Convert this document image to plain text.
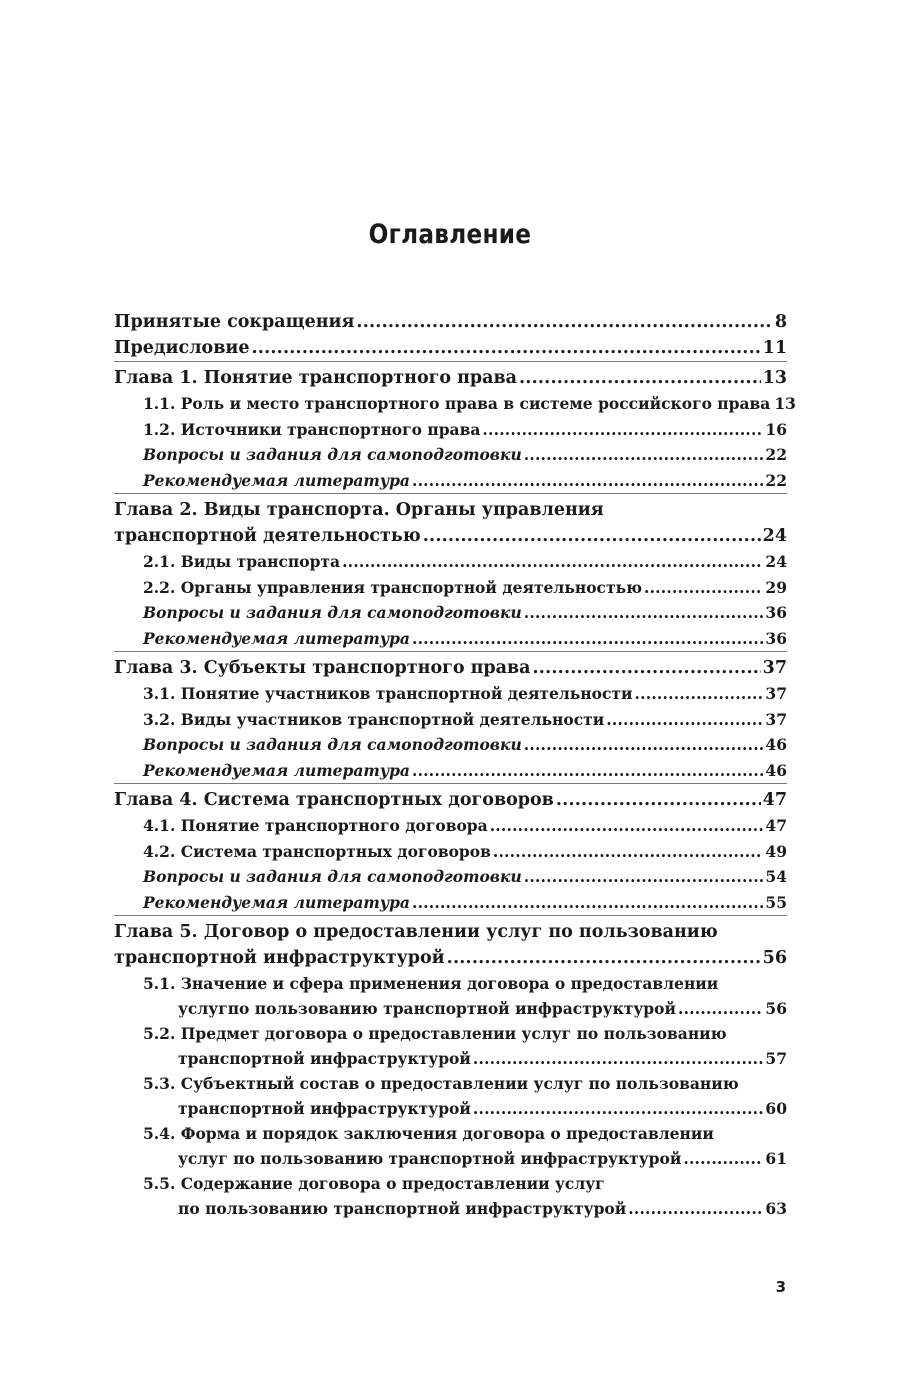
Оглавление
Принятые сокращения .....	8
Предисловие .....	11
Глава 1. Понятие транспортного права .....	13
1.1. Роль и место транспортного права в системе российского права 13
1.2. Источники транспортного права .....	16
Вопросы и задания для самоподготовки .....	22
Рекомендуемая литература .....	22
Глава 2. Виды транспорта. Органы управления
транспортной деятельностью .....	24
2.1. Виды транспорта .....	24
2.2. Органы управления транспортной деятельностью .....	29
Вопросы и задания для самоподготовки .....	36
Рекомендуемая литература .....	36
Глава 3. Субъекты транспортного права .....	37
3.1. Понятие участников транспортной деятельности .....	37
3.2. Виды участников транспортной деятельности .....	37
Вопросы и задания для самоподготовки .....	46
Рекомендуемая литература .....	46
Глава 4. Система транспортных договоров .....	47
4.1. Понятие транспортного договора .....	47
4.2. Система транспортных договоров .....	49
Вопросы и задания для самоподготовки .....	54
Рекомендуемая литература .....	55
Глава 5. Договор о предоставлении услуг по пользованию
транспортной инфраструктурой .....	56
5.1. Значение и сфера применения договора о предоставлении
услугпо пользованию транспортной инфраструктурой .....	56
5.2. Предмет договора о предоставлении услуг по пользованию
транспортной инфраструктурой .....	57
5.3. Субъектный состав о предоставлении услуг по пользованию
транспортной инфраструктурой .....	60
5.4. Форма и порядок заключения договора о предоставлении
услуг по пользованию транспортной инфраструктурой .....	61
5.5. Содержание договора о предоставлении услуг
по пользованию транспортной инфраструктурой .....	63
3
